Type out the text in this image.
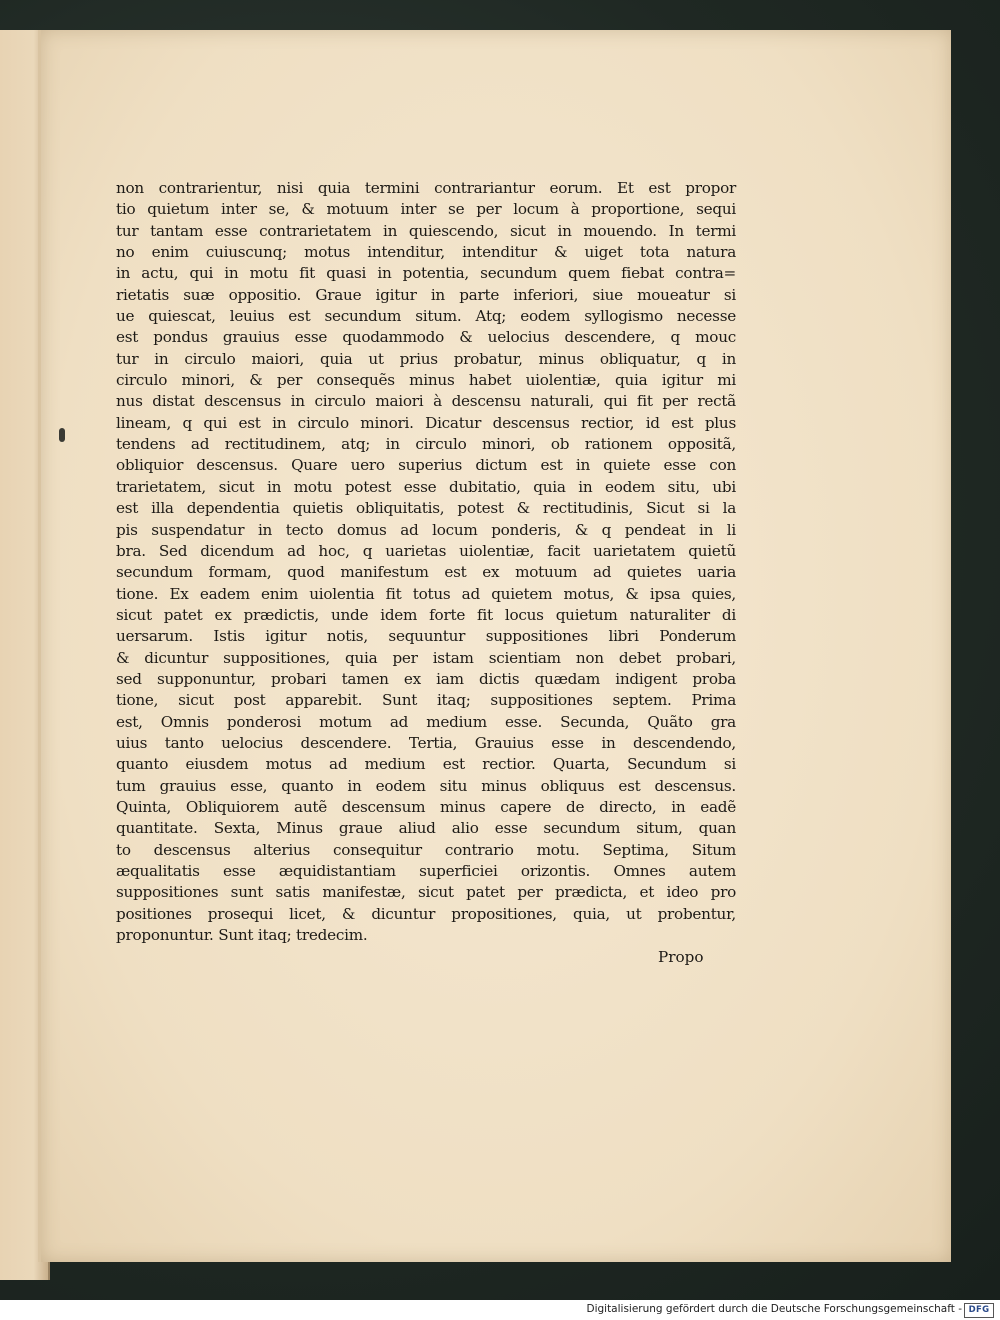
non contrarientur, nisi quia termini contrariantur eorum. Et est propor
tio quietum inter se, & motuum inter se per locum à proportione, sequi
tur tantam esse contrarietatem in quiescendo, sicut in mouendo. In termi
no enim cuiuscunq; motus intenditur, intenditur & uiget tota natura
in actu, qui in motu fit quasi in potentia, secundum quem fiebat contra=
rietatis suæ oppositio. Graue igitur in parte inferiori, siue moueatur si
ue quiescat, leuius est secundum situm. Atq; eodem syllogismo necesse
est pondus grauius esse quodammodo & uelocius descendere, q mouc
tur in circulo maiori, quia ut prius probatur, minus obliquatur, q in
circulo minori, & per consequẽs minus habet uiolentiæ, quia igitur mi
nus distat descensus in circulo maiori à descensu naturali, qui fit per rectã
lineam, q qui est in circulo minori. Dicatur descensus rectior, id est plus
tendens ad rectitudinem, atq; in circulo minori, ob rationem oppositã,
obliquior descensus. Quare uero superius dictum est in quiete esse con
trarietatem, sicut in motu potest esse dubitatio, quia in eodem situ, ubi
est illa dependentia quietis obliquitatis, potest & rectitudinis, Sicut si la
pis suspendatur in tecto domus ad locum ponderis, & q pendeat in li
bra. Sed dicendum ad hoc, q uarietas uiolentiæ, facit uarietatem quietũ
secundum formam, quod manifestum est ex motuum ad quietes uaria
tione. Ex eadem enim uiolentia fit totus ad quietem motus, & ipsa quies,
sicut patet ex prædictis, unde idem forte fit locus quietum naturaliter di
uersarum. Istis igitur notis, sequuntur suppositiones libri Ponderum
& dicuntur suppositiones, quia per istam scientiam non debet probari,
sed supponuntur, probari tamen ex iam dictis quædam indigent proba
tione, sicut post apparebit. Sunt itaq; suppositiones septem. Prima
est, Omnis ponderosi motum ad medium esse. Secunda, Quãto gra
uius tanto uelocius descendere. Tertia, Grauius esse in descendendo,
quanto eiusdem motus ad medium est rectior. Quarta, Secundum si
tum grauius esse, quanto in eodem situ minus obliquus est descensus.
Quinta, Obliquiorem autẽ descensum minus capere de directo, in eadẽ
quantitate. Sexta, Minus graue aliud alio esse secundum situm, quan
to descensus alterius consequitur contrario motu. Septima, Situm
æqualitatis esse æquidistantiam superficiei orizontis. Omnes autem
suppositiones sunt satis manifestæ, sicut patet per prædicta, et ideo pro
positiones prosequi licet, & dicuntur propositiones, quia, ut probentur,
proponuntur. Sunt itaq; tredecim.
Propo
Digitalisierung gefördert durch die Deutsche Forschungsgemeinschaft - DFG
